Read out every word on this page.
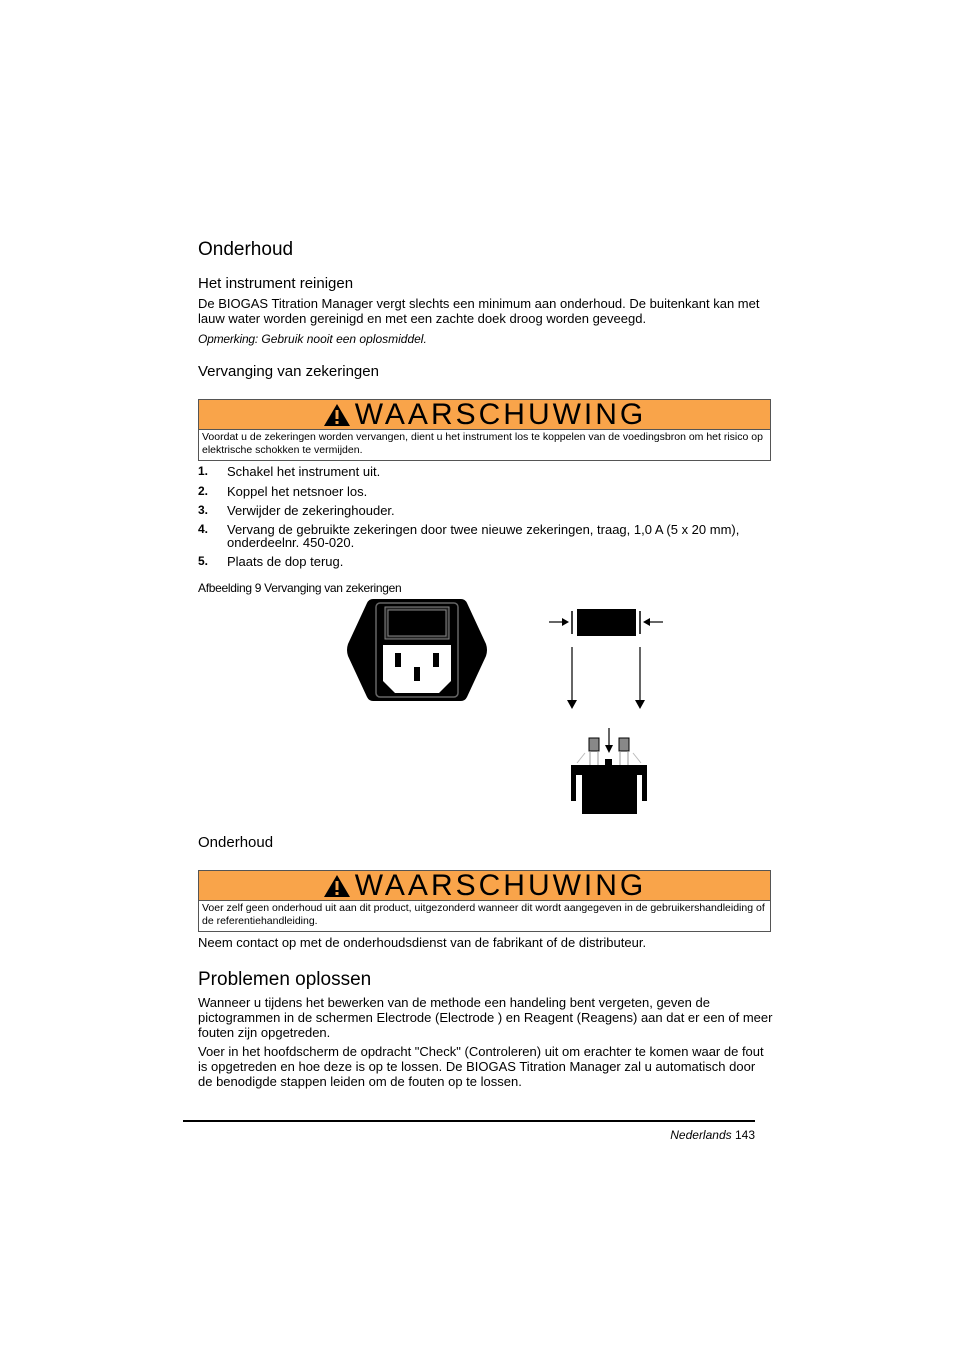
Onderhoud
Het instrument reinigen

De BIOGAS Titration Manager vergt slechts een minimum aan onderhoud. De buitenkant kan met lauw water worden gereinigd en met een zachte doek droog worden geveegd.

Opmerking: Gebruik nooit een oplosmiddel.

Vervanging van zekeringen
WAARSCHUWING
Voordat u de zekeringen worden vervangen, dient u het instrument los te koppelen van de voedingsbron om het risico op elektrische schokken te vermijden.
1. Schakel het instrument uit.
2. Koppel het netsnoer los.
3. Verwijder de zekeringhouder.
4. Vervang de gebruikte zekeringen door twee nieuwe zekeringen, traag, 1,0 A (5 x 20 mm), onderdeelnr. 450-020.
5. Plaats de dop terug.
Afbeelding 9 Vervanging van zekeringen
Onderhoud
WAARSCHUWING
Voer zelf geen onderhoud uit aan dit product, uitgezonderd wanneer dit wordt aangegeven in de gebruikershandleiding of de referentiehandleiding.

Neem contact op met de onderhoudsdienst van de fabrikant of de distributeur.

Problemen oplossen

Wanneer u tijdens het bewerken van de methode een handeling bent vergeten, geven de pictogrammen in de schermen Electrode (Electrode ) en Reagent (Reagens) aan dat er een of meer fouten zijn opgetreden.

Voer in het hoofdscherm de opdracht "Check" (Controleren) uit om erachter te komen waar de fout is opgetreden en hoe deze is op te lossen. De BIOGAS Titration Manager zal u automatisch door de benodigde stappen leiden om de fouten op te lossen.

Nederlands 143
